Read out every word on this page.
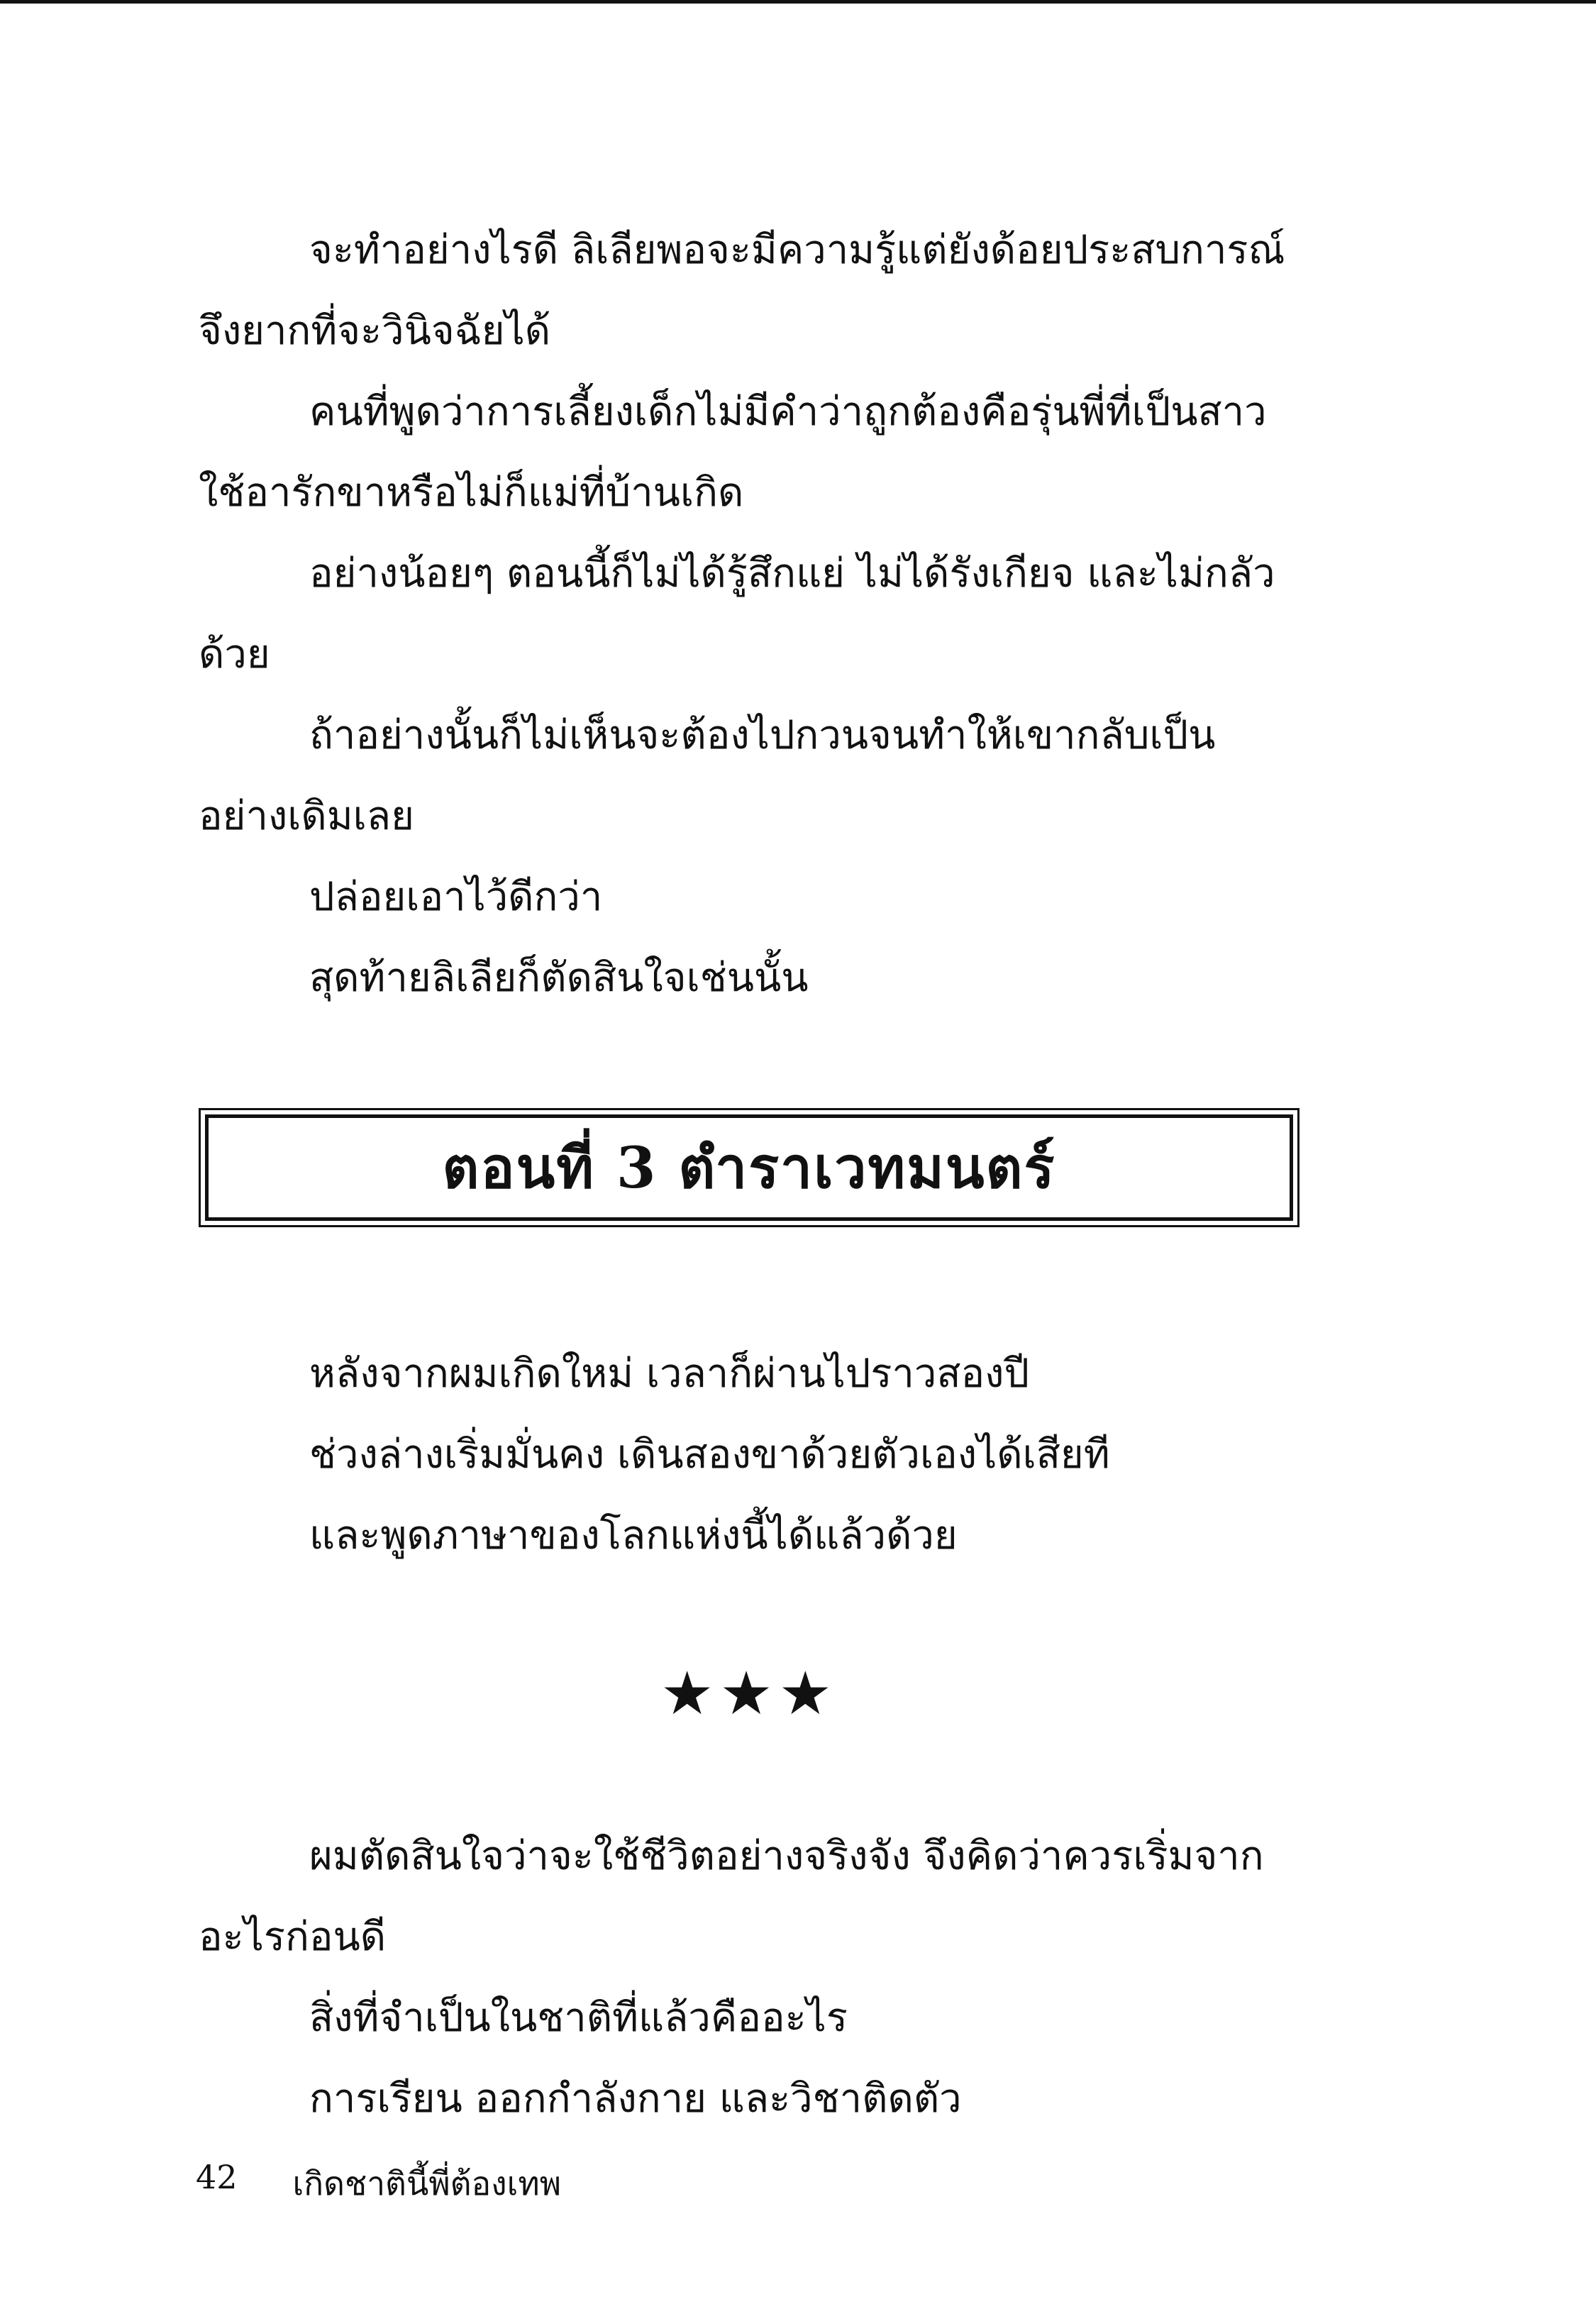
จะทำอย่างไรดี ลิเลียพอจะมีความรู้แต่ยังด้อยประสบการณ์ จึงยากที่จะวินิจฉัยได้

คนที่พูดว่าการเลี้ยงเด็กไม่มีคำว่าถูกต้องคือรุ่นพี่ที่เป็นสาวใช้อารักขาหรือไม่ก็แม่ที่บ้านเกิด

อย่างน้อยๆ ตอนนี้ก็ไม่ได้รู้สึกแย่ ไม่ได้รังเกียจ และไม่กลัวด้วย

ถ้าอย่างนั้นก็ไม่เห็นจะต้องไปกวนจนทำให้เขากลับเป็นอย่างเดิมเลย

ปล่อยเอาไว้ดีกว่า

สุดท้ายลิเลียก็ตัดสินใจเช่นนั้น

ตอนที่ 3 ตำราเวทมนตร์

หลังจากผมเกิดใหม่ เวลาก็ผ่านไปราวสองปี

ช่วงล่างเริ่มมั่นคง เดินสองขาด้วยตัวเองได้เสียที

และพูดภาษาของโลกแห่งนี้ได้แล้วด้วย

★★★

ผมตัดสินใจว่าจะใช้ชีวิตอย่างจริงจัง จึงคิดว่าควรเริ่มจากอะไรก่อนดี

สิ่งที่จำเป็นในชาติที่แล้วคืออะไร

การเรียน ออกกำลังกาย และวิชาติดตัว

42 เกิดชาตินี้พี่ต้องเทพ
